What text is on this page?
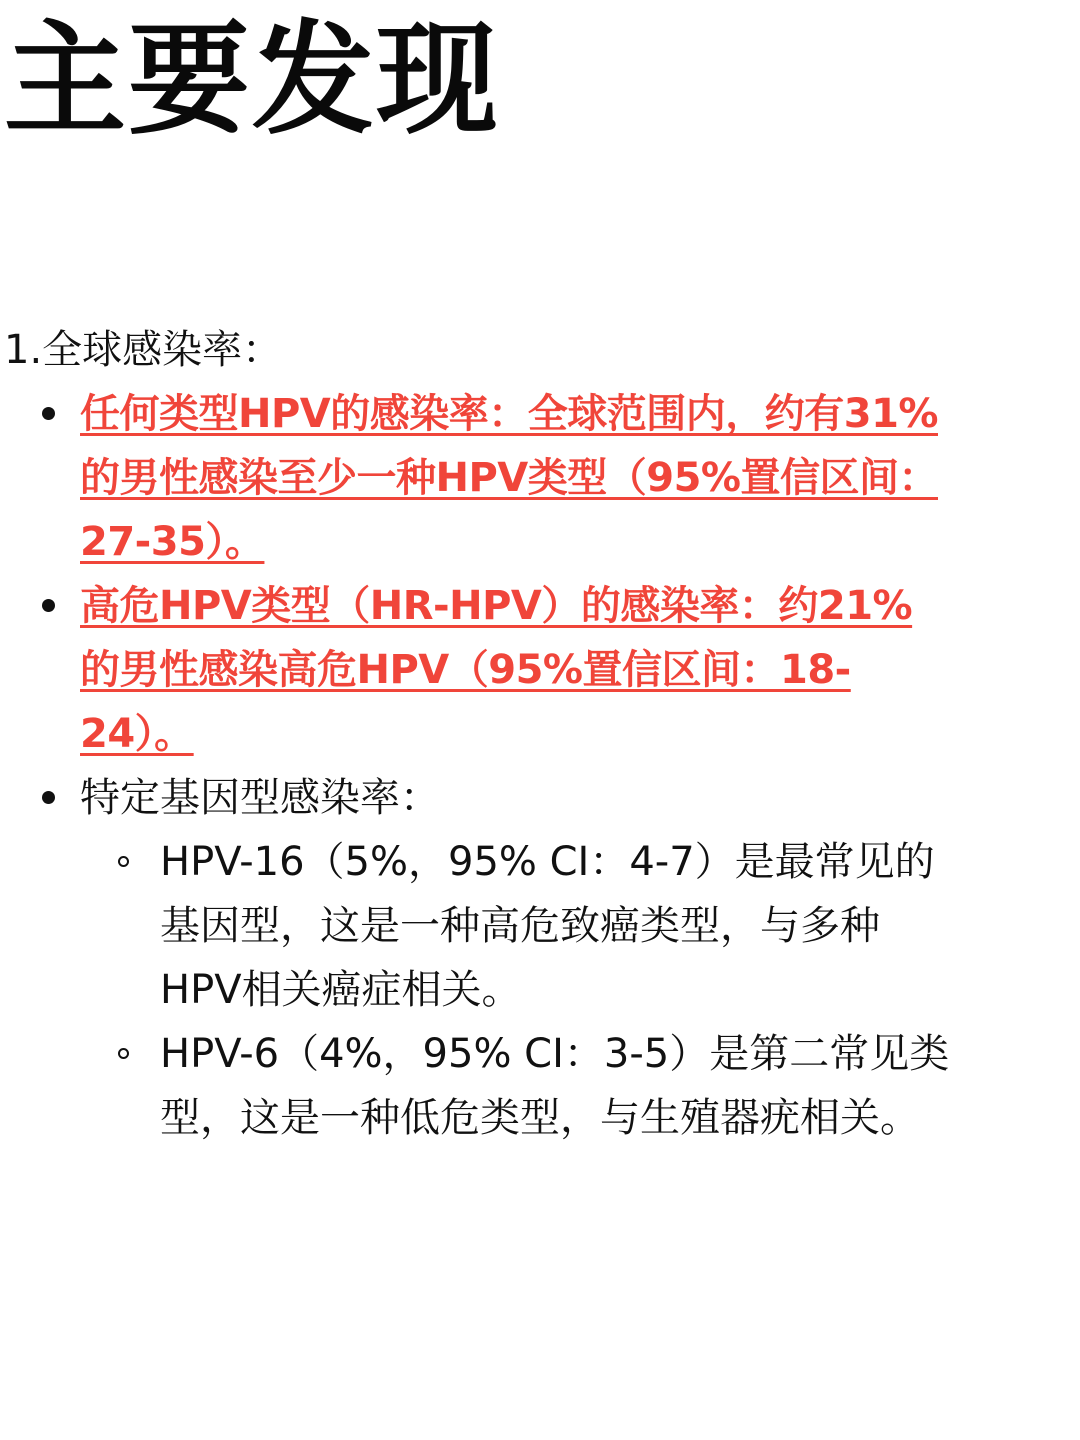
主要发现

1.全球感染率：

任何类型HPV的感染率：全球范围内，约有31%
的男性感染至少一种HPV类型（95%置信区间：
27-35）。
高危HPV类型（HR-HPV）的感染率：约21%
的男性感染高危HPV（95%置信区间：18-
24）。
特定基因型感染率：
HPV-16（5%，95% CI：4-7）是最常见的
基因型，这是一种高危致癌类型，与多种
HPV相关癌症相关。
HPV-6（4%，95% CI：3-5）是第二常见类
型，这是一种低危类型，与生殖器疣相关。
